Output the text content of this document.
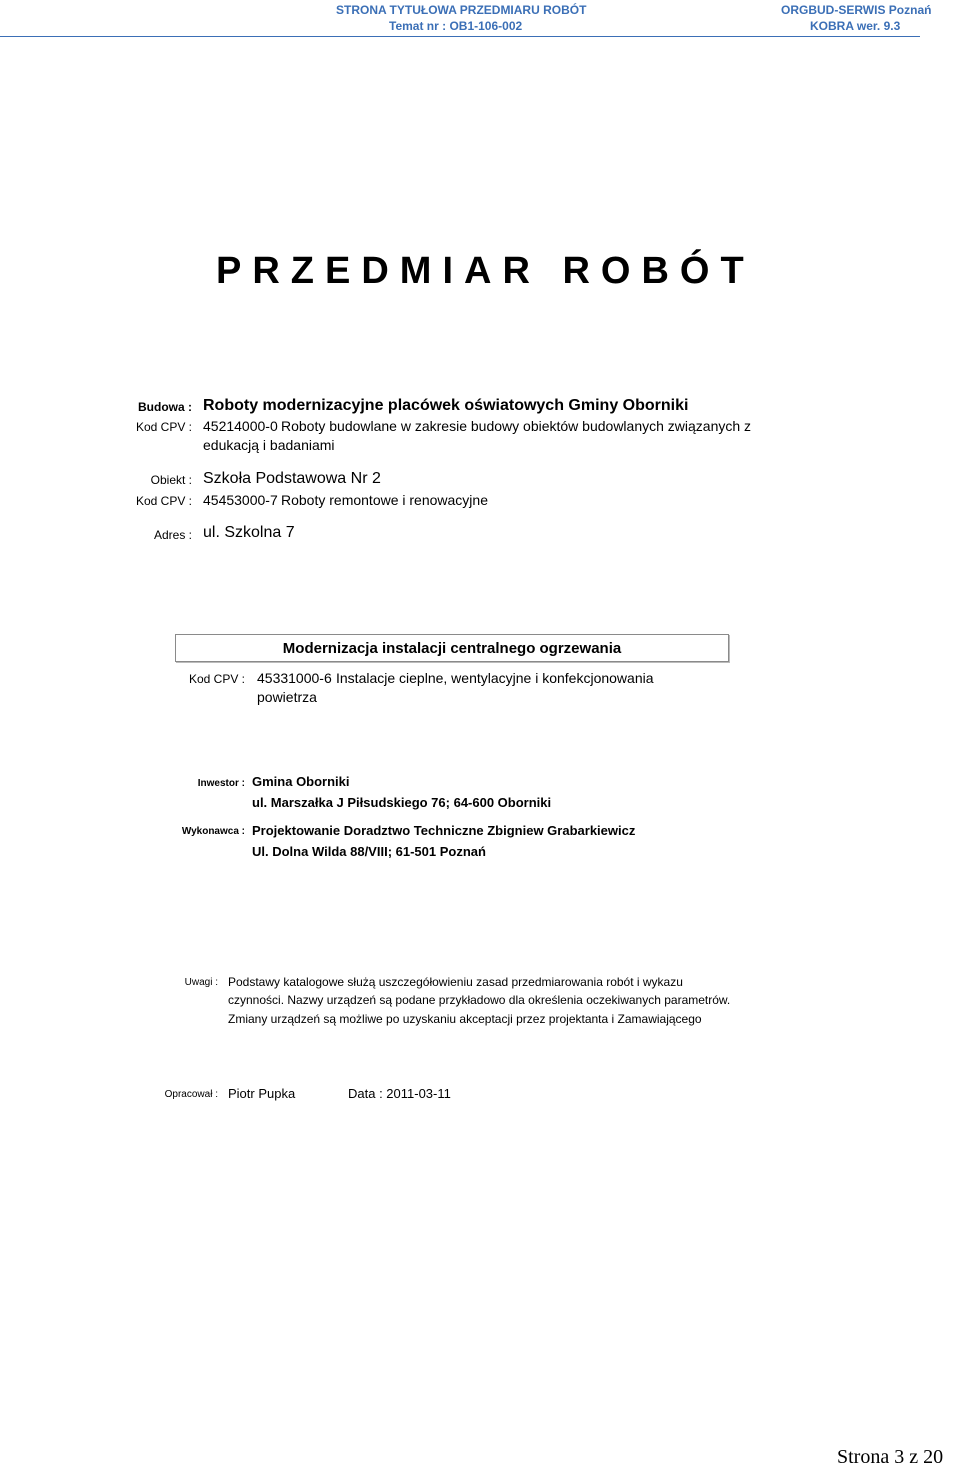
STRONA TYTUŁOWA PRZEDMIARU ROBÓT
Temat nr : OB1-106-002
ORGBUD-SERWIS Poznań
KOBRA wer. 9.3
PRZEDMIAR ROBÓT
Budowa : Roboty modernizacyjne placówek oświatowych Gminy Oborniki
Kod CPV : 45214000-0 Roboty budowlane w zakresie budowy obiektów budowlanych związanych z
edukacją i badaniami
Obiekt : Szkoła Podstawowa Nr 2
Kod CPV : 45453000-7 Roboty remontowe i renowacyjne
Adres : ul. Szkolna 7
Modernizacja instalacji centralnego ogrzewania
Kod CPV : 45331000-6 Instalacje cieplne, wentylacyjne i konfekcjonowania
powietrza
Inwestor : Gmina Oborniki
ul. Marszałka J Piłsudskiego 76; 64-600 Oborniki
Wykonawca : Projektowanie Doradztwo Techniczne Zbigniew Grabarkiewicz
Ul. Dolna Wilda 88/VIII; 61-501 Poznań
Uwagi : Podstawy katalogowe służą uszczegółowieniu zasad przedmiarowania robót i wykazu
czynności. Nazwy urządzeń są podane przykładowo dla określenia oczekiwanych parametrów.
Zmiany urządzeń są możliwe po uzyskaniu akceptacji przez projektanta i Zamawiającego
Opracował : Piotr Pupka	Data : 2011-03-11
Strona 3 z 20
